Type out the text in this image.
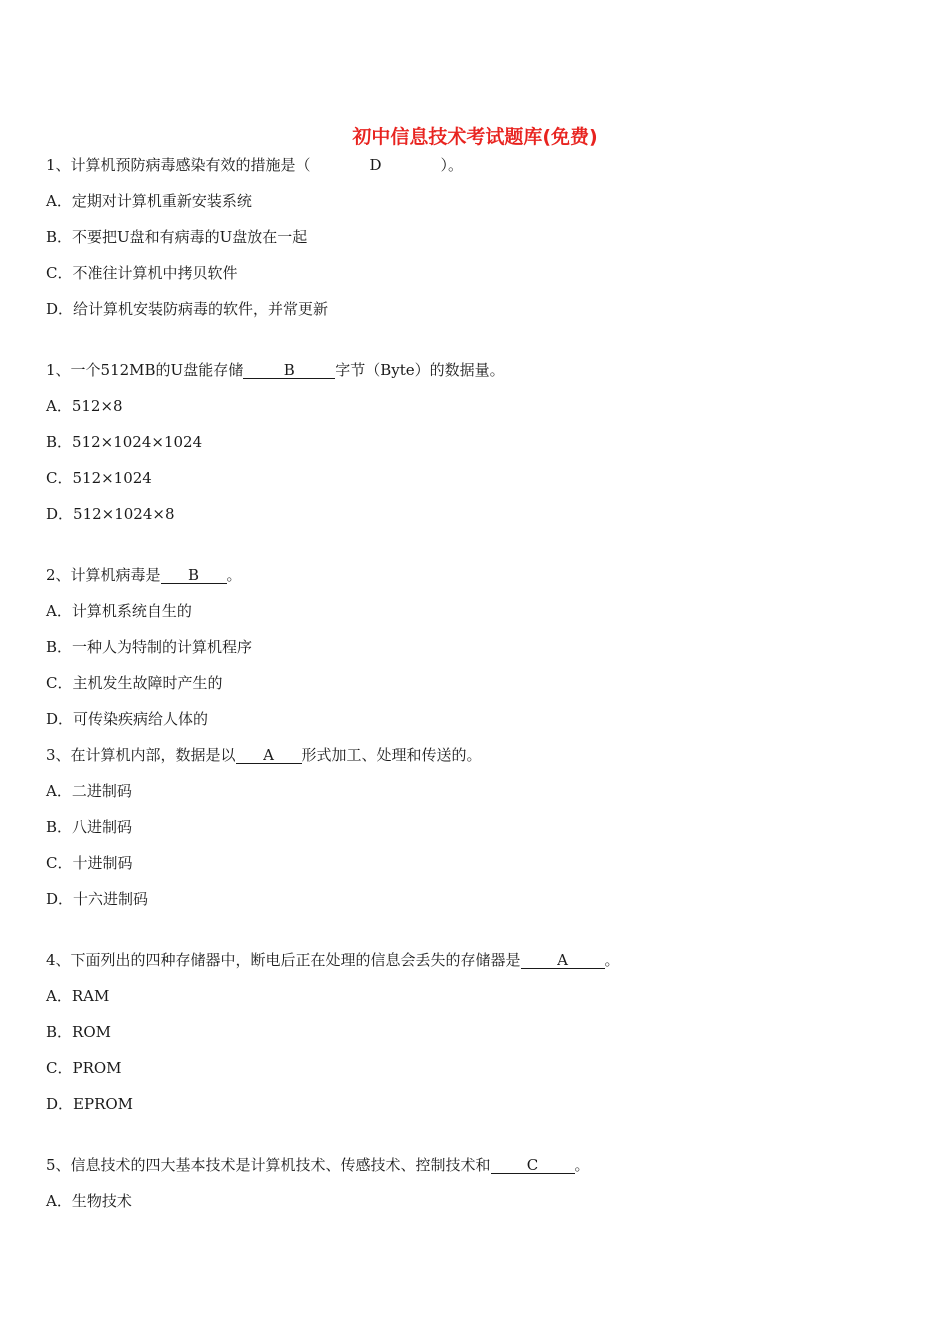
初中信息技术考试题库(免费)
1、计算机预防病毒感染有效的措施是（	D	）。
A．定期对计算机重新安装系统
B．不要把U盘和有病毒的U盘放在一起
C．不准往计算机中拷贝软件
D．给计算机安装防病毒的软件，并常更新
1、一个512MB的U盘能存储	B	字节（Byte）的数据量。
A．512×8
B．512×1024×1024
C．512×1024
D．512×1024×8
2、计算机病毒是 B 。
A．计算机系统自生的
B．一种人为特制的计算机程序
C．主机发生故障时产生的
D．可传染疾病给人体的
3、在计算机内部，数据是以 A 形式加工、处理和传送的。
A．二进制码
B．八进制码
C．十进制码
D．十六进制码
4、下面列出的四种存储器中，断电后正在处理的信息会丢失的存储器是 A 。
A．RAM
B．ROM
C．PROM
D．EPROM
5、信息技术的四大基本技术是计算机技术、传感技术、控制技术和 C 。
A．生物技术
